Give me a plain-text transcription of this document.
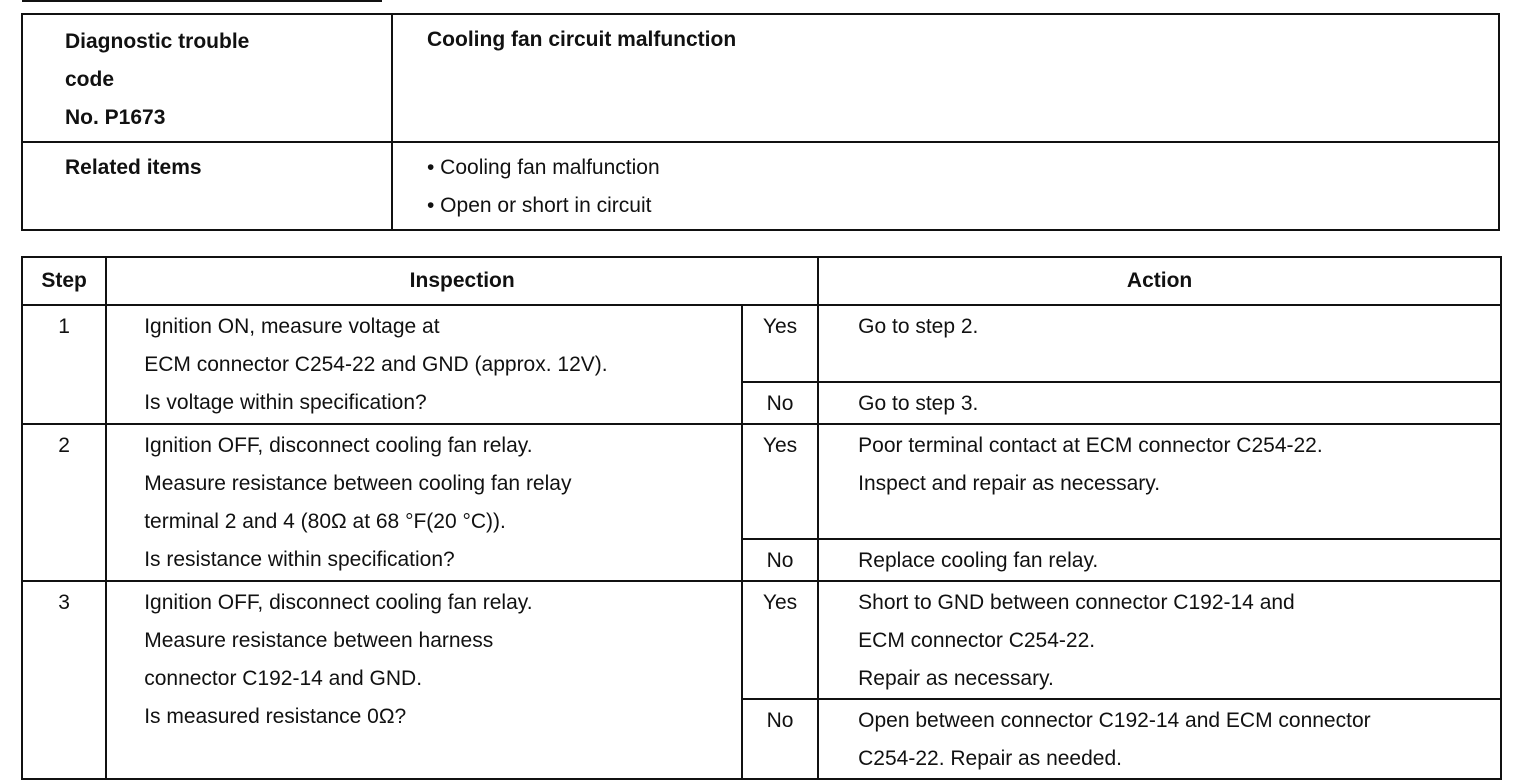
Diagnostic trouble
code
No. P1673	Cooling fan circuit malfunction

Related items	• Cooling fan malfunction
• Open or short in circuit
Step	Inspection		Action
1	Ignition ON, measure voltage at
ECM connector C254-22 and GND (approx. 12V).
Is voltage within specification?	Yes	Go to step 2.

		No	Go to step 3.

2	Ignition OFF, disconnect cooling fan relay.
Measure resistance between cooling fan relay
terminal 2 and 4 (80Ω at 68 °F(20 °C)).
Is resistance within specification?	Yes	Poor terminal contact at ECM connector C254-22.
Inspect and repair as necessary.

		No	Replace cooling fan relay.

3	Ignition OFF, disconnect cooling fan relay.
Measure resistance between harness
connector C192-14 and GND.
Is measured resistance 0Ω?	Yes	Short to GND between connector C192-14 and
ECM connector C254-22.
Repair as necessary.

		No	Open between connector C192-14 and ECM connector
C254-22. Repair as needed.
